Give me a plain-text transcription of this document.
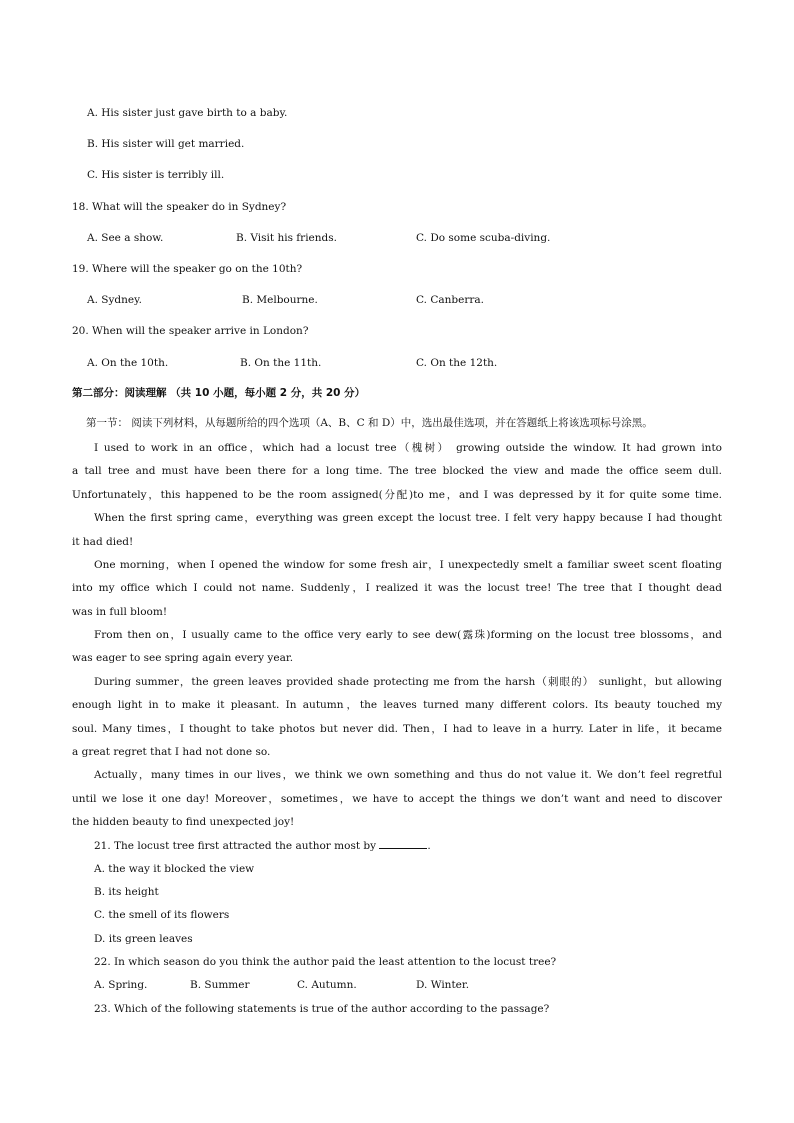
A. His sister just gave birth to a baby.
B. His sister will get married.
C. His sister is terribly ill.
18. What will the speaker do in Sydney?
A. See a show.	B. Visit his friends.	C. Do some scuba-diving.
19. Where will the speaker go on the 10th?
A. Sydney.	B. Melbourne.	C. Canberra.
20. When will the speaker arrive in London?
A. On the 10th.	B. On the 11th.	C. On the 12th.
第二部分：阅读理解 （共 10 小题，每小题 2 分，共 20 分）
第一节： 阅读下列材料，从每题所给的四个选项（A、B、C 和 D）中，选出最佳选项，并在答题纸上将该选项标号涂黑。
I used to work in an office，which had a locust tree（槐树） growing outside the window. It had grown into
a tall tree and must have been there for a long time. The tree blocked the view and made the office seem dull.
Unfortunately，this happened to be the room assigned(分配)to me，and I was depressed by it for quite some time.
When the first spring came，everything was green except the locust tree. I felt very happy because I had thought
it had died!
One morning，when I opened the window for some fresh air，I unexpectedly smelt a familiar sweet scent floating
into my office which I could not name. Suddenly，I realized it was the locust tree! The tree that I thought dead
was in full bloom!
From then on，I usually came to the office very early to see dew(露珠)forming on the locust tree blossoms，and
was eager to see spring again every year.
During summer，the green leaves provided shade protecting me from the harsh（刺眼的） sunlight，but allowing
enough light in to make it pleasant. In autumn，the leaves turned many different colors. Its beauty touched my
soul. Many times，I thought to take photos but never did. Then，I had to leave in a hurry. Later in life，it became
a great regret that I had not done so.
Actually，many times in our lives，we think we own something and thus do not value it. We don’t feel regretful
until we lose it one day! Moreover，sometimes，we have to accept the things we don’t want and need to discover
the hidden beauty to find unexpected joy!
21. The locust tree first attracted the author most by	.
A. the way it blocked the view
B. its height
C. the smell of its flowers
D. its green leaves
22. In which season do you think the author paid the least attention to the locust tree?
A. Spring.	B. Summer	C. Autumn.	D. Winter.
23. Which of the following statements is true of the author according to the passage?
